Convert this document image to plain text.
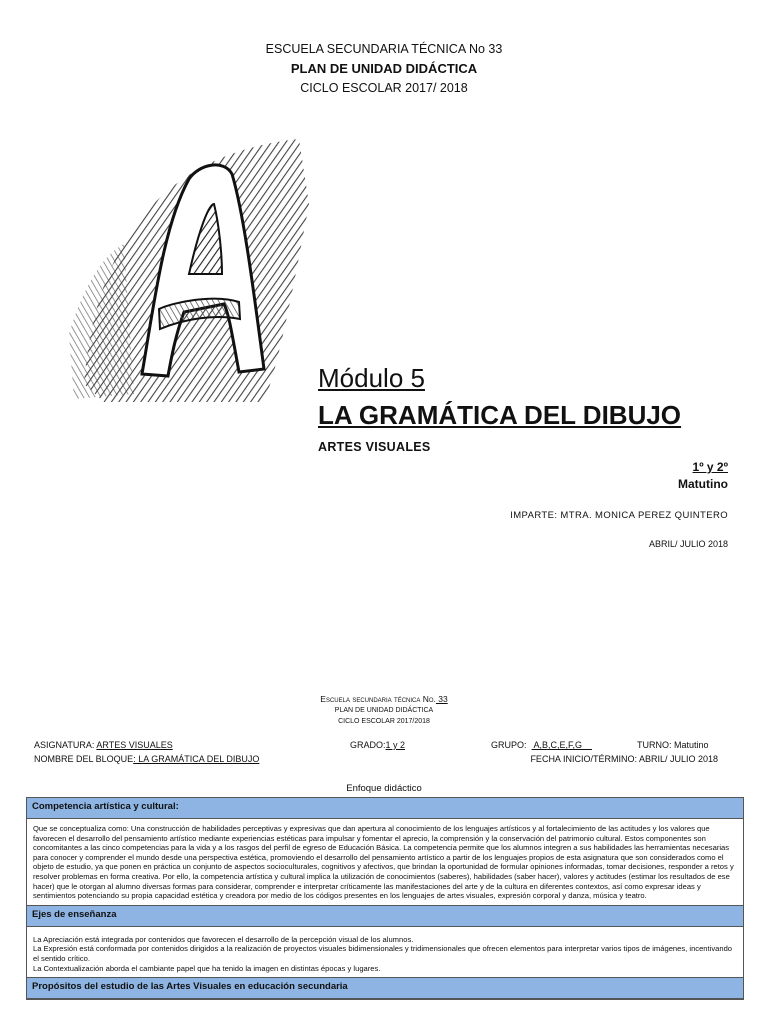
ESCUELA SECUNDARIA TÉCNICA No 33
PLAN DE UNIDAD DIDÁCTICA
CICLO ESCOLAR 2017/ 2018
Módulo 5
LA GRAMÁTICA DEL DIBUJO
ARTES VISUALES
1º y 2º
Matutino
IMPARTE: MTRA. MONICA PEREZ QUINTERO
ABRIL/ JULIO 2018
Escuela secundaria técnica No. 33
PLAN DE UNIDAD DIDÁCTICA
CICLO ESCOLAR 2017/2018
ASIGNATURA: ARTES VISUALES	GRADO:1 y 2	GRUPO:   A,B,C,E,F,G	TURNO: Matutino
NOMBRE DEL BLOQUE: LA GRAMÁTICA DEL DIBUJO	FECHA INICIO/TÉRMINO: ABRIL/ JULIO 2018
Enfoque didáctico
Competencia artística y cultural:

Que se conceptualiza como: Una construcción de habilidades perceptivas y expresivas que dan apertura al conocimiento de los lenguajes artísticos y al fortalecimiento de las actitudes y los valores que favorecen el desarrollo del pensamiento artístico mediante experiencias estéticas para impulsar y fomentar el aprecio, la comprensión y la conservación del patrimonio cultural. Estos componentes son concomitantes a las cinco competencias para la vida y a los rasgos del perfil de egreso de Educación Básica. La competencia permite que los alumnos integren a sus habilidades las herramientas necesarias para conocer y comprender el mundo desde una perspectiva estética, promoviendo el desarrollo del pensamiento artístico a partir de los lenguajes propios de esta asignatura que son considerados como el objeto de estudio, ya que ponen en práctica un conjunto de aspectos socioculturales, cognitivos y afectivos, que brindan la oportunidad de formular opiniones informadas, tomar decisiones, responder a retos y resolver problemas en forma creativa. Por ello, la competencia artística y cultural implica la utilización de conocimientos (saberes), habilidades (saber hacer), valores y actitudes (estimar los resultados de ese hacer) que le otorgan al alumno diversas formas para considerar, comprender e interpretar críticamente las manifestaciones del arte y de la cultura en diferentes contextos, así como expresar ideas y sentimientos potenciando su propia capacidad estética y creadora por medio de los códigos presentes en los lenguajes de artes visuales, expresión corporal y danza, música y teatro.

Ejes de enseñanza

La Apreciación está integrada por contenidos que favorecen el desarrollo de la percepción visual de los alumnos.

La Expresión está conformada por contenidos dirigidos a la realización de proyectos visuales bidimensionales y tridimensionales que ofrecen elementos para interpretar varios tipos de imágenes, incentivando el sentido crítico.

La Contextualización aborda el cambiante papel que ha tenido la imagen en distintas épocas y lugares.

Propósitos del estudio de las Artes Visuales en educación secundaria
